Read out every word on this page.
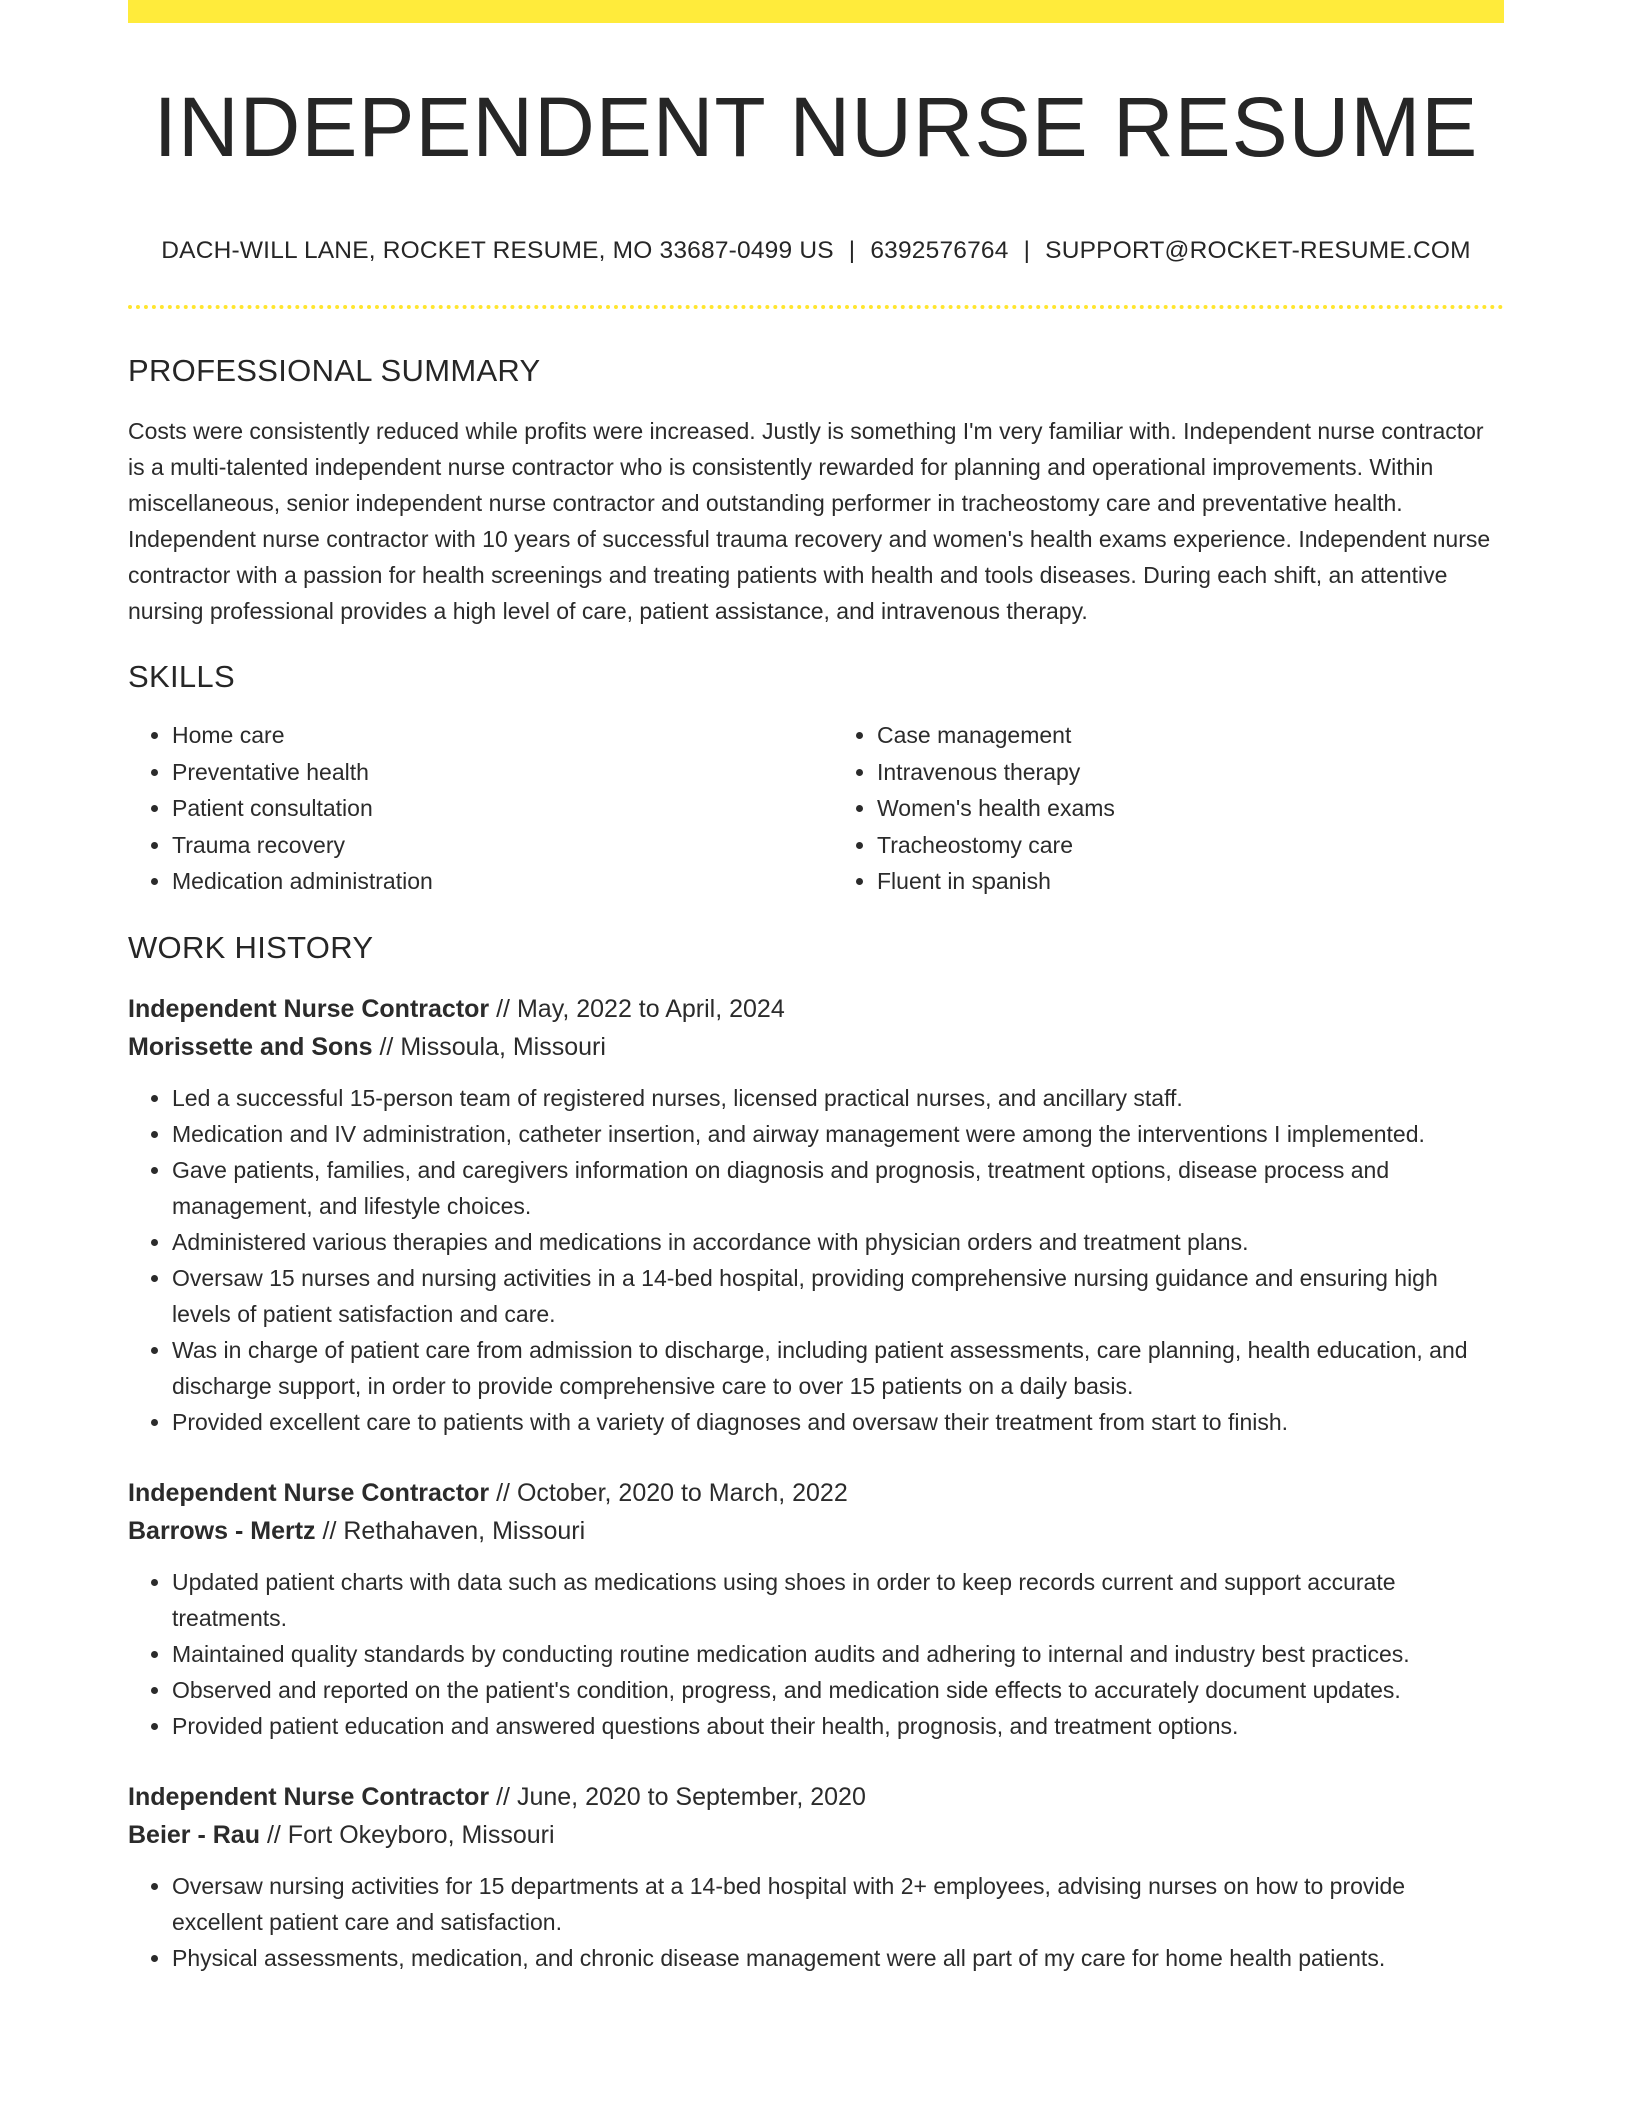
INDEPENDENT NURSE RESUME
DACH-WILL LANE, ROCKET RESUME, MO 33687-0499 US | 6392576764 | SUPPORT@ROCKET-RESUME.COM
PROFESSIONAL SUMMARY
Costs were consistently reduced while profits were increased. Justly is something I'm very familiar with. Independent nurse contractor is a multi-talented independent nurse contractor who is consistently rewarded for planning and operational improvements. Within miscellaneous, senior independent nurse contractor and outstanding performer in tracheostomy care and preventative health. Independent nurse contractor with 10 years of successful trauma recovery and women's health exams experience. Independent nurse contractor with a passion for health screenings and treating patients with health and tools diseases. During each shift, an attentive nursing professional provides a high level of care, patient assistance, and intravenous therapy.
SKILLS
• Home care
• Preventative health
• Patient consultation
• Trauma recovery
• Medication administration
• Case management
• Intravenous therapy
• Women's health exams
• Tracheostomy care
• Fluent in spanish
WORK HISTORY
Independent Nurse Contractor // May, 2022 to April, 2024
Morissette and Sons // Missoula, Missouri
• Led a successful 15-person team of registered nurses, licensed practical nurses, and ancillary staff.
• Medication and IV administration, catheter insertion, and airway management were among the interventions I implemented.
• Gave patients, families, and caregivers information on diagnosis and prognosis, treatment options, disease process and management, and lifestyle choices.
• Administered various therapies and medications in accordance with physician orders and treatment plans.
• Oversaw 15 nurses and nursing activities in a 14-bed hospital, providing comprehensive nursing guidance and ensuring high levels of patient satisfaction and care.
• Was in charge of patient care from admission to discharge, including patient assessments, care planning, health education, and discharge support, in order to provide comprehensive care to over 15 patients on a daily basis.
• Provided excellent care to patients with a variety of diagnoses and oversaw their treatment from start to finish.
Independent Nurse Contractor // October, 2020 to March, 2022
Barrows - Mertz // Rethahaven, Missouri
• Updated patient charts with data such as medications using shoes in order to keep records current and support accurate treatments.
• Maintained quality standards by conducting routine medication audits and adhering to internal and industry best practices.
• Observed and reported on the patient's condition, progress, and medication side effects to accurately document updates.
• Provided patient education and answered questions about their health, prognosis, and treatment options.
Independent Nurse Contractor // June, 2020 to September, 2020
Beier - Rau // Fort Okeyboro, Missouri
• Oversaw nursing activities for 15 departments at a 14-bed hospital with 2+ employees, advising nurses on how to provide excellent patient care and satisfaction.
• Physical assessments, medication, and chronic disease management were all part of my care for home health patients.
